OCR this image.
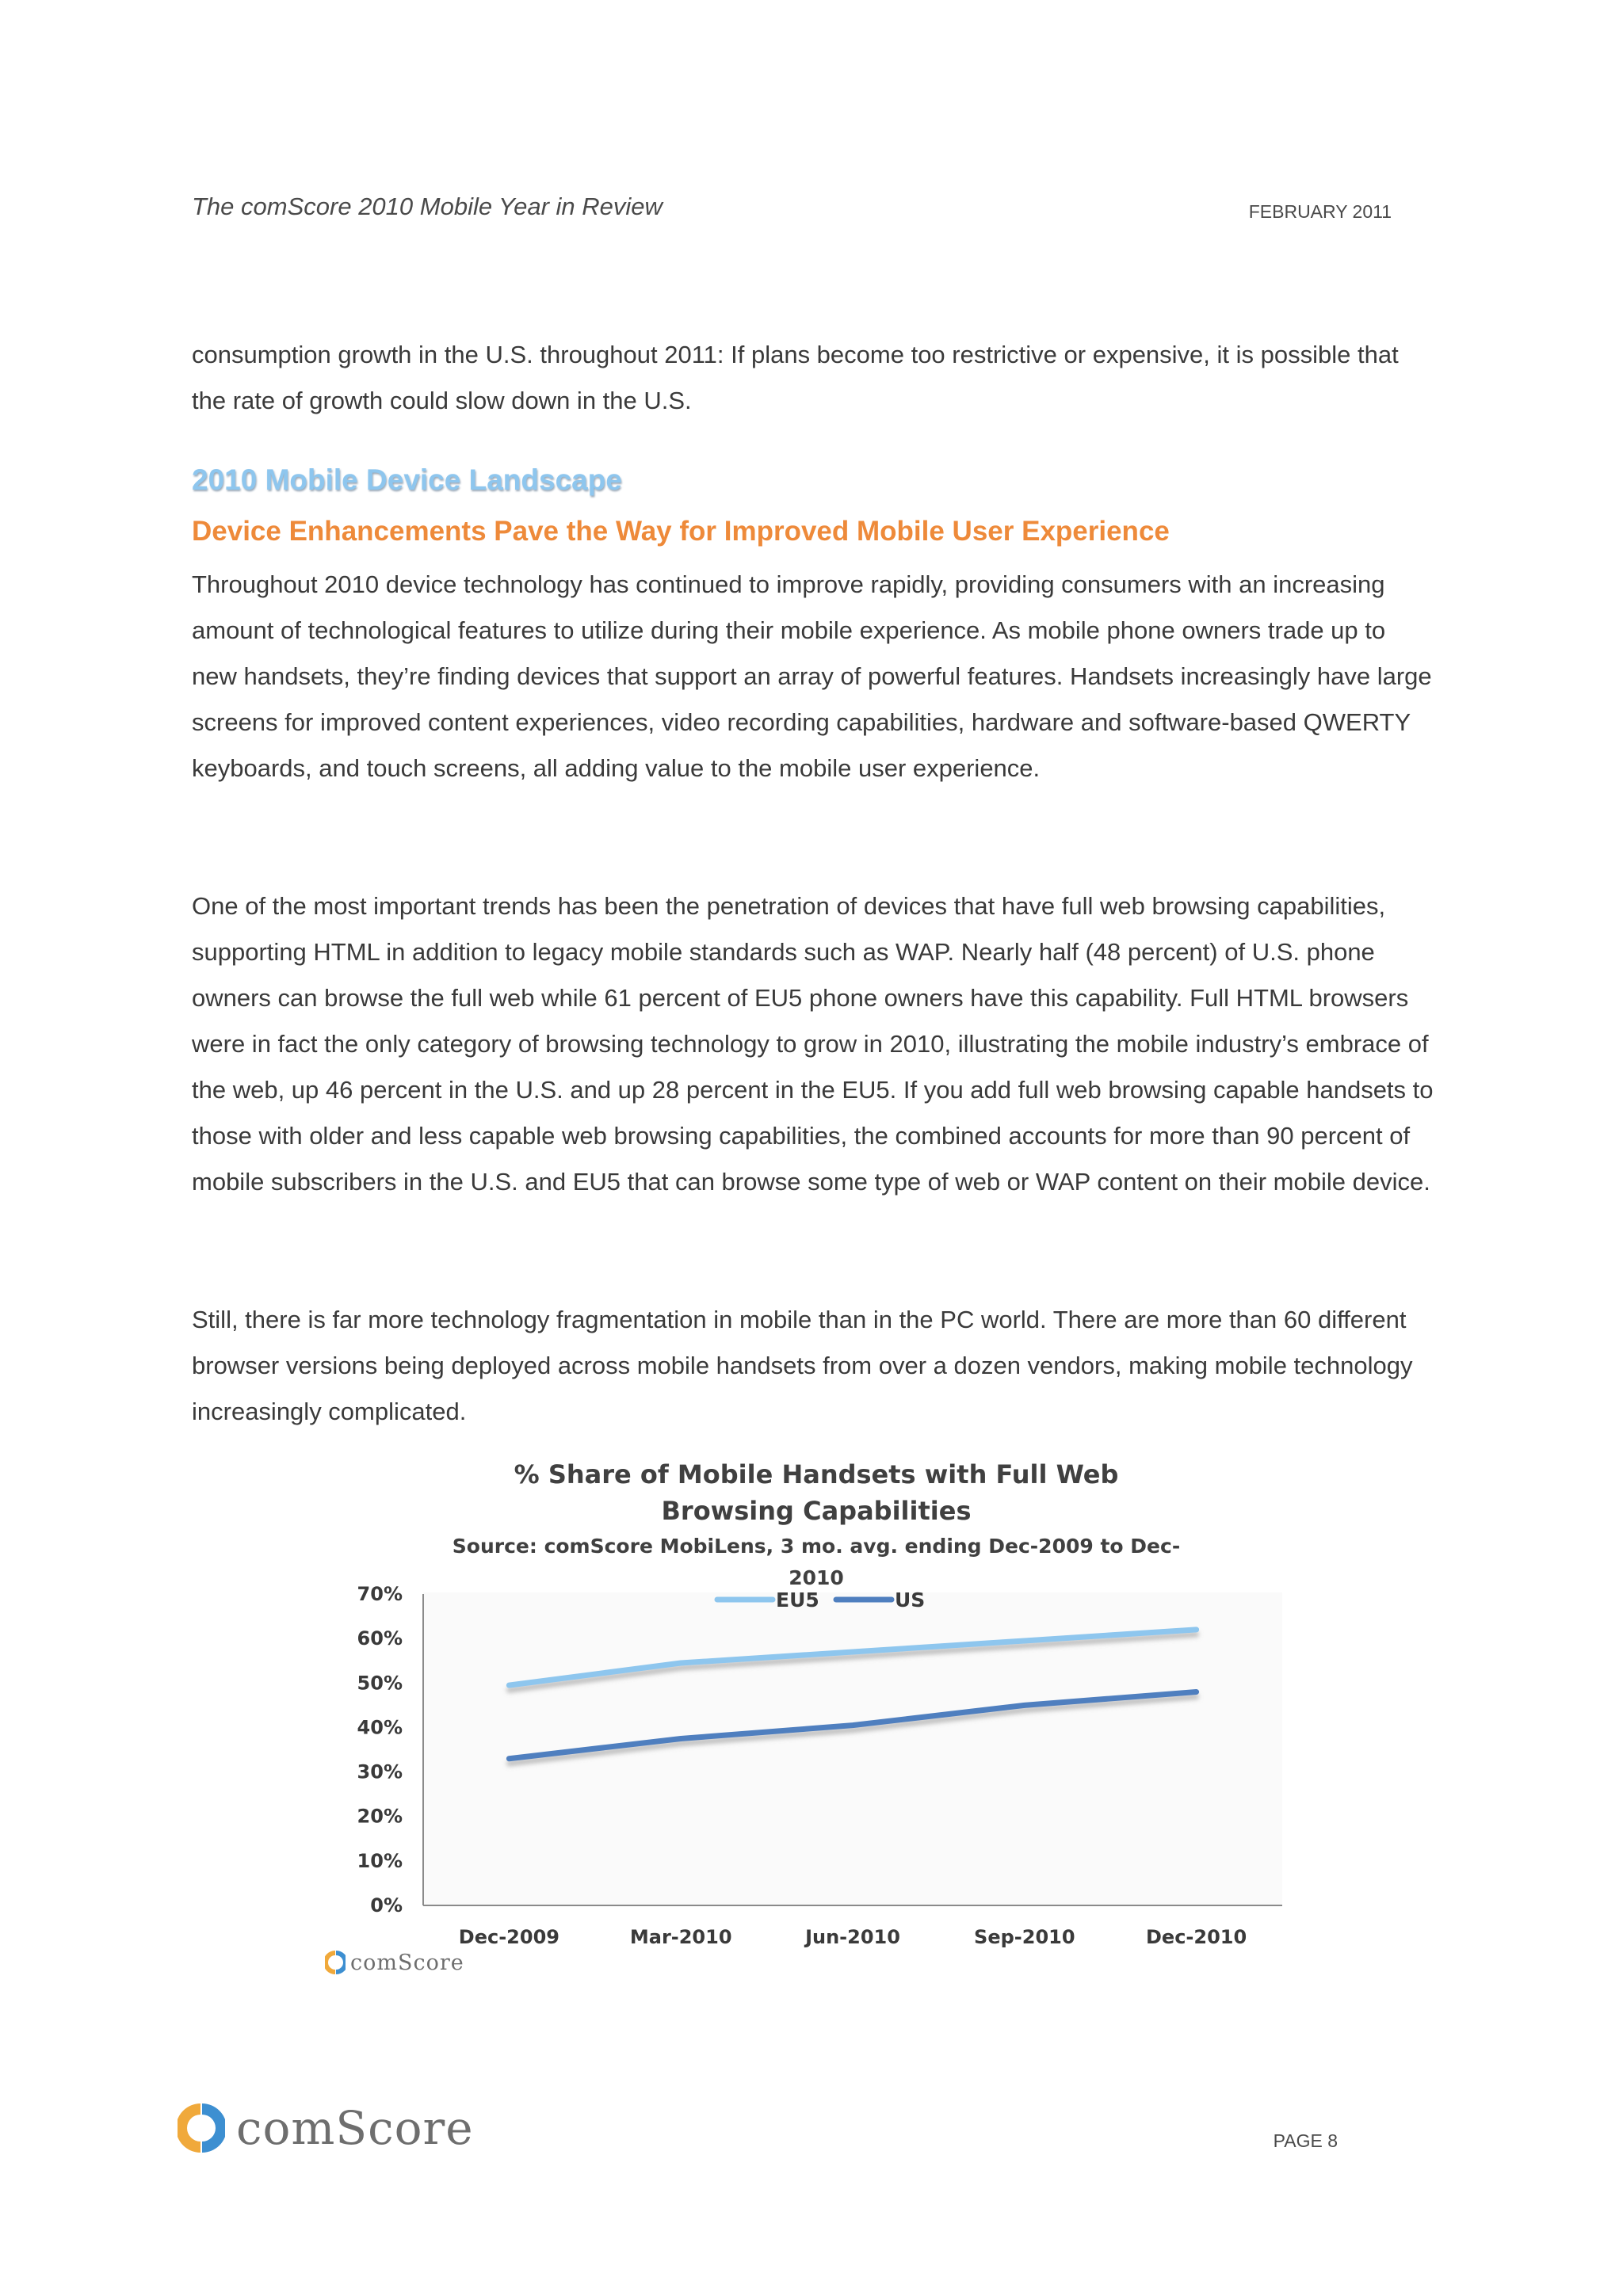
The comScore 2010 Mobile Year in Review	FEBRUARY 2011

consumption growth in the U.S. throughout 2011: If plans become too restrictive or expensive, it is possible that the rate of growth could slow down in the U.S.

2010 Mobile Device Landscape
Device Enhancements Pave the Way for Improved Mobile User Experience

Throughout 2010 device technology has continued to improve rapidly, providing consumers with an increasing amount of technological features to utilize during their mobile experience. As mobile phone owners trade up to new handsets, they’re finding devices that support an array of powerful features. Handsets increasingly have large screens for improved content experiences, video recording capabilities, hardware and software-based QWERTY keyboards, and touch screens, all adding value to the mobile user experience.

One of the most important trends has been the penetration of devices that have full web browsing capabilities, supporting HTML in addition to legacy mobile standards such as WAP. Nearly half (48 percent) of U.S. phone owners can browse the full web while 61 percent of EU5 phone owners have this capability. Full HTML browsers were in fact the only category of browsing technology to grow in 2010, illustrating the mobile industry’s embrace of the web, up 46 percent in the U.S. and up 28 percent in the EU5. If you add full web browsing capable handsets to those with older and less capable web browsing capabilities, the combined accounts for more than 90 percent of mobile subscribers in the U.S. and EU5 that can browse some type of web or WAP content on their mobile device.

Still, there is far more technology fragmentation in mobile than in the PC world. There are more than 60 different browser versions being deployed across mobile handsets from over a dozen vendors, making mobile technology increasingly complicated.

% Share of Mobile Handsets with Full Web Browsing Capabilities
Source: comScore MobiLens, 3 mo. avg. ending Dec-2009 to Dec-2010
0%
10%
20%
30%
40%
50%
60%
70%
Dec-2009	Mar-2010	Jun-2010	Sep-2010	Dec-2010
EU5	US
comScore
comScore	PAGE 8
